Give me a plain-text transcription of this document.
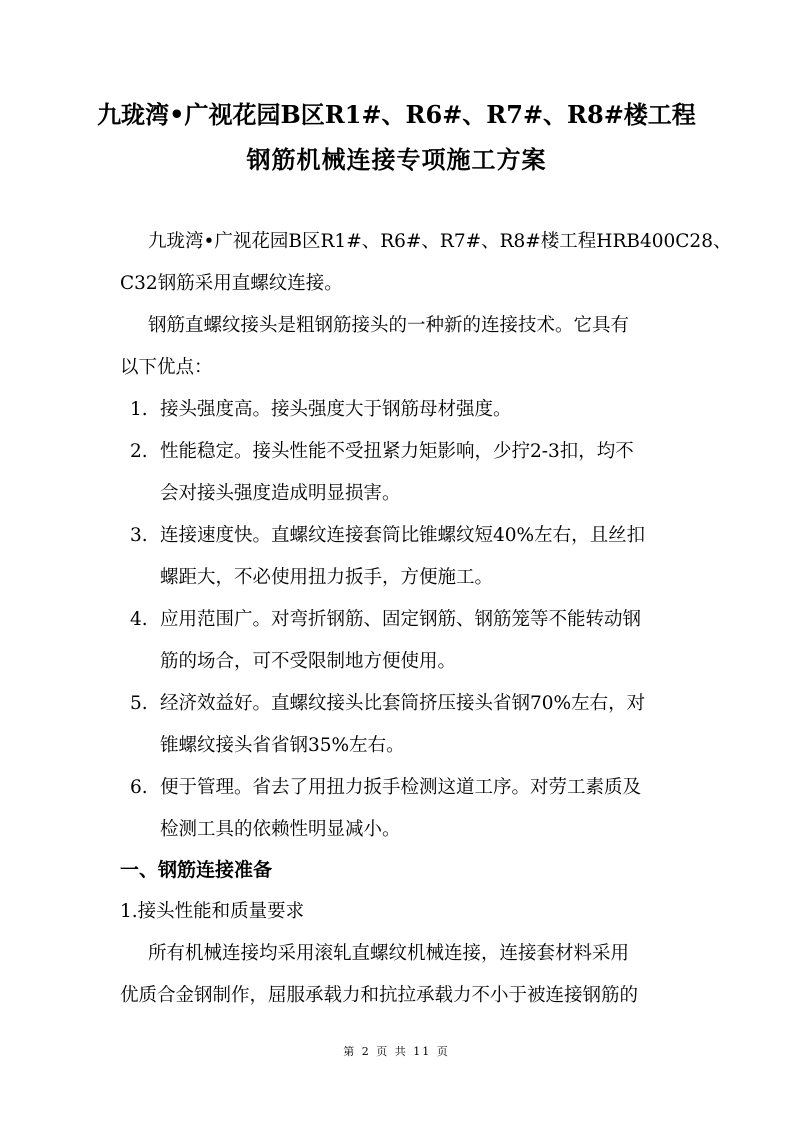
九珑湾•广视花园B区R1#、R6#、R7#、R8#楼工程
钢筋机械连接专项施工方案
九珑湾•广视花园B区R1#、R6#、R7#、R8#楼工程HRB400C28、
C32钢筋采用直螺纹连接。
钢筋直螺纹接头是粗钢筋接头的一种新的连接技术。它具有
以下优点：
1. 接头强度高。接头强度大于钢筋母材强度。
2. 性能稳定。接头性能不受扭紧力矩影响，少拧2-3扣，均不
会对接头强度造成明显损害。
3. 连接速度快。直螺纹连接套筒比锥螺纹短40%左右，且丝扣
螺距大，不必使用扭力扳手，方便施工。
4. 应用范围广。对弯折钢筋、固定钢筋、钢筋笼等不能转动钢
筋的场合，可不受限制地方便使用。
5. 经济效益好。直螺纹接头比套筒挤压接头省钢70%左右，对
锥螺纹接头省省钢35%左右。
6. 便于管理。省去了用扭力扳手检测这道工序。对劳工素质及
检测工具的依赖性明显减小。
一、钢筋连接准备
1.接头性能和质量要求
所有机械连接均采用滚轧直螺纹机械连接，连接套材料采用
优质合金钢制作，屈服承载力和抗拉承载力不小于被连接钢筋的
第 2 页 共 11 页
